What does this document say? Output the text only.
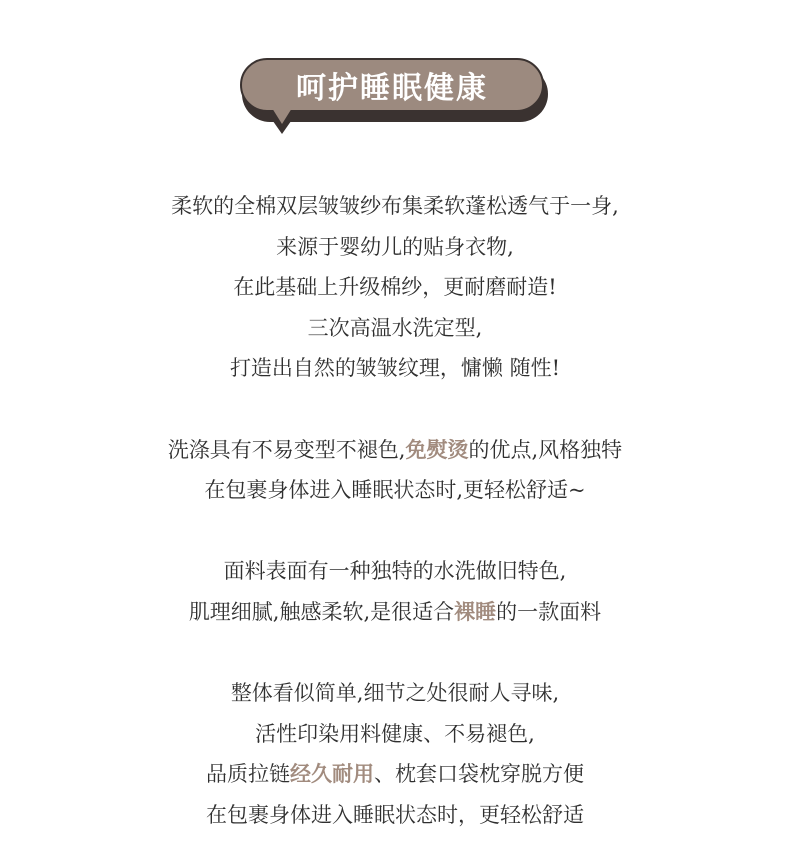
呵护睡眠健康
柔软的全棉双层皱皱纱布集柔软蓬松透气于一身,
来源于婴幼儿的贴身衣物,
在此基础上升级棉纱，更耐磨耐造!
三次高温水洗定型,
打造出自然的皱皱纹理，慵懒 随性!
洗涤具有不易变型不褪色,免熨烫的优点,风格独特
在包裹身体进入睡眠状态时,更轻松舒适~
面料表面有一种独特的水洗做旧特色,
肌理细腻,触感柔软,是很适合裸睡的一款面料
整体看似简单,细节之处很耐人寻味,
活性印染用料健康、不易褪色,
品质拉链经久耐用、枕套口袋枕穿脱方便
在包裹身体进入睡眠状态时，更轻松舒适
